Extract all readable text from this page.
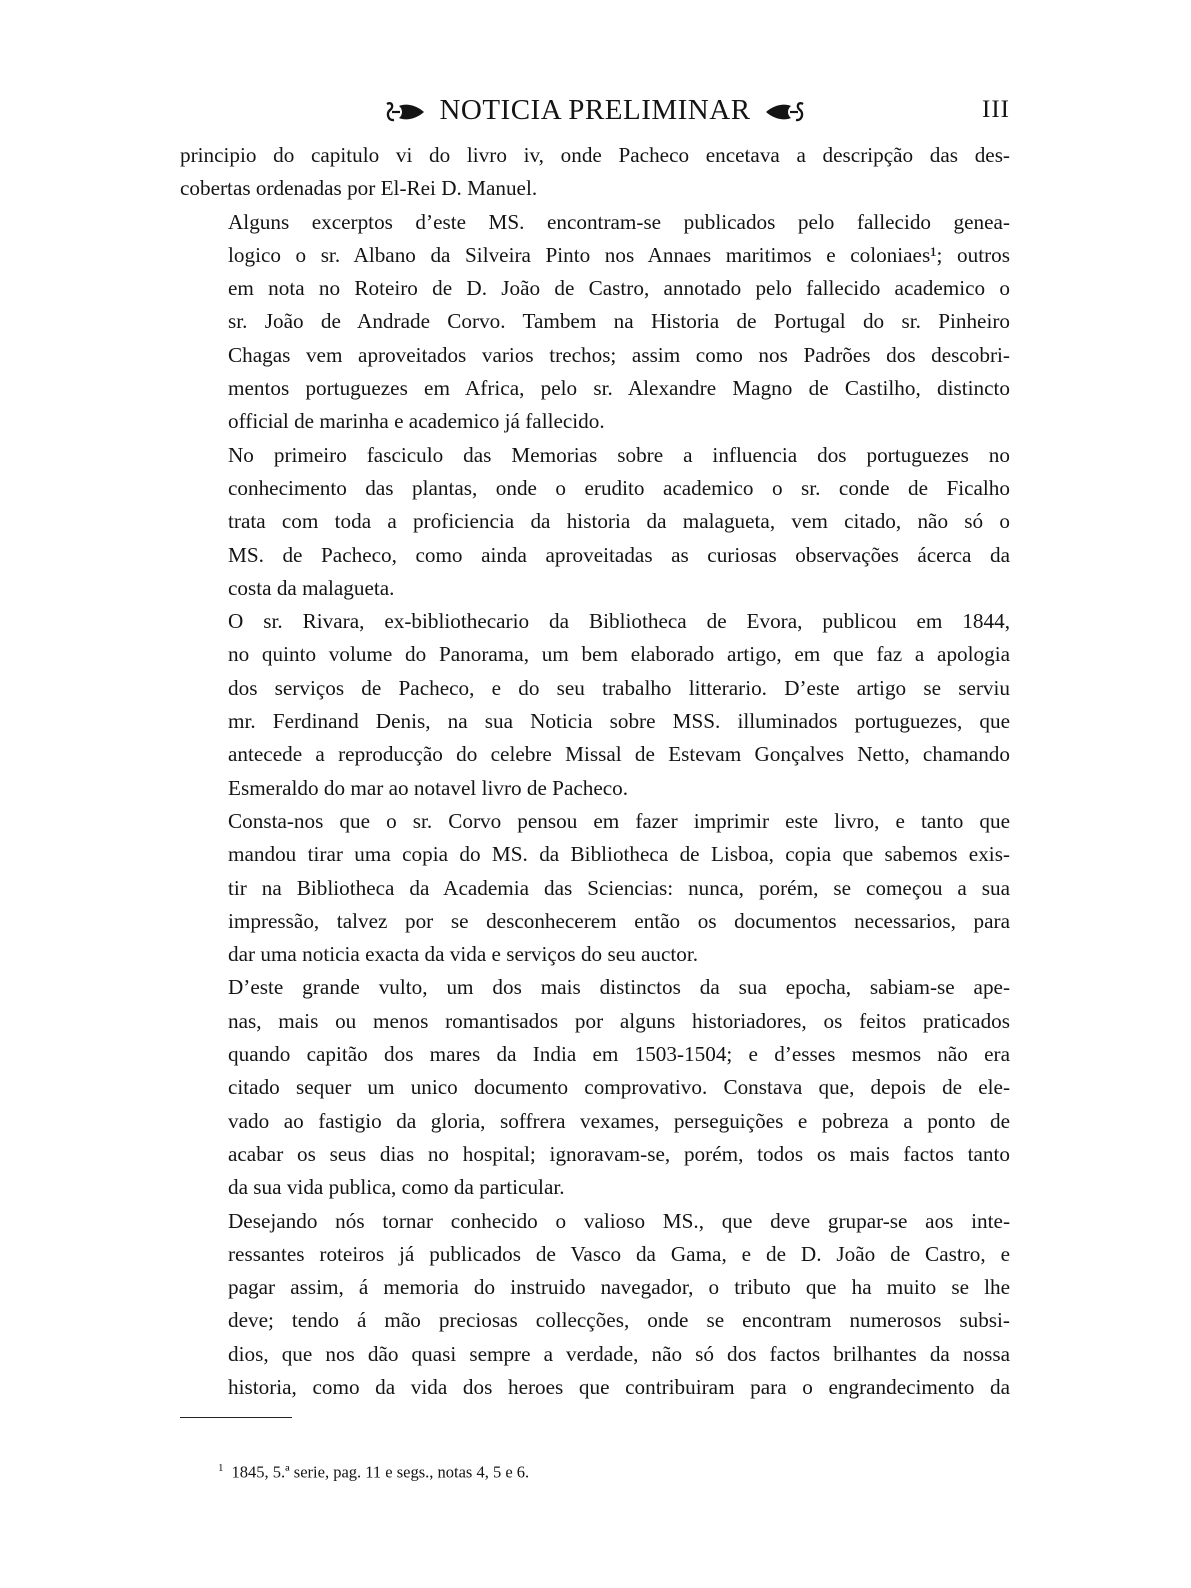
NOTICIA PRELIMINAR	III

principio do capitulo vi do livro iv, onde Pacheco encetava a descripção das des-
cobertas ordenadas por El-Rei D. Manuel.

Alguns excerptos d’este MS. encontram-se publicados pelo fallecido genea-
logico o sr. Albano da Silveira Pinto nos Annaes maritimos e coloniaes¹; outros
em nota no Roteiro de D. João de Castro, annotado pelo fallecido academico o
sr. João de Andrade Corvo. Tambem na Historia de Portugal do sr. Pinheiro
Chagas vem aproveitados varios trechos; assim como nos Padrões dos descobri-
mentos portuguezes em Africa, pelo sr. Alexandre Magno de Castilho, distincto
official de marinha e academico já fallecido.

No primeiro fasciculo das Memorias sobre a influencia dos portuguezes no
conhecimento das plantas, onde o erudito academico o sr. conde de Ficalho
trata com toda a proficiencia da historia da malagueta, vem citado, não só o
MS. de Pacheco, como ainda aproveitadas as curiosas observações ácerca da
costa da malagueta.

O sr. Rivara, ex-bibliothecario da Bibliotheca de Evora, publicou em 1844,
no quinto volume do Panorama, um bem elaborado artigo, em que faz a apologia
dos serviços de Pacheco, e do seu trabalho litterario. D’este artigo se serviu
mr. Ferdinand Denis, na sua Noticia sobre MSS. illuminados portuguezes, que
antecede a reproducção do celebre Missal de Estevam Gonçalves Netto, chamando
Esmeraldo do mar ao notavel livro de Pacheco.

Consta-nos que o sr. Corvo pensou em fazer imprimir este livro, e tanto que
mandou tirar uma copia do MS. da Bibliotheca de Lisboa, copia que sabemos exis-
tir na Bibliotheca da Academia das Sciencias: nunca, porém, se começou a sua
impressão, talvez por se desconhecerem então os documentos necessarios, para
dar uma noticia exacta da vida e serviços do seu auctor.

D’este grande vulto, um dos mais distinctos da sua epocha, sabiam-se ape-
nas, mais ou menos romantisados por alguns historiadores, os feitos praticados
quando capitão dos mares da India em 1503-1504; e d’esses mesmos não era
citado sequer um unico documento comprovativo. Constava que, depois de ele-
vado ao fastigio da gloria, soffrera vexames, perseguições e pobreza a ponto de
acabar os seus dias no hospital; ignoravam-se, porém, todos os mais factos tanto
da sua vida publica, como da particular.

Desejando nós tornar conhecido o valioso MS., que deve grupar-se aos inte-
ressantes roteiros já publicados de Vasco da Gama, e de D. João de Castro, e
pagar assim, á memoria do instruido navegador, o tributo que ha muito se lhe
deve; tendo á mão preciosas collecções, onde se encontram numerosos subsi-
dios, que nos dão quasi sempre a verdade, não só dos factos brilhantes da nossa
historia, como da vida dos heroes que contribuiram para o engrandecimento da

$^1$ 1845, 5.ª serie, pag. 11 e segs., notas 4, 5 e 6.
